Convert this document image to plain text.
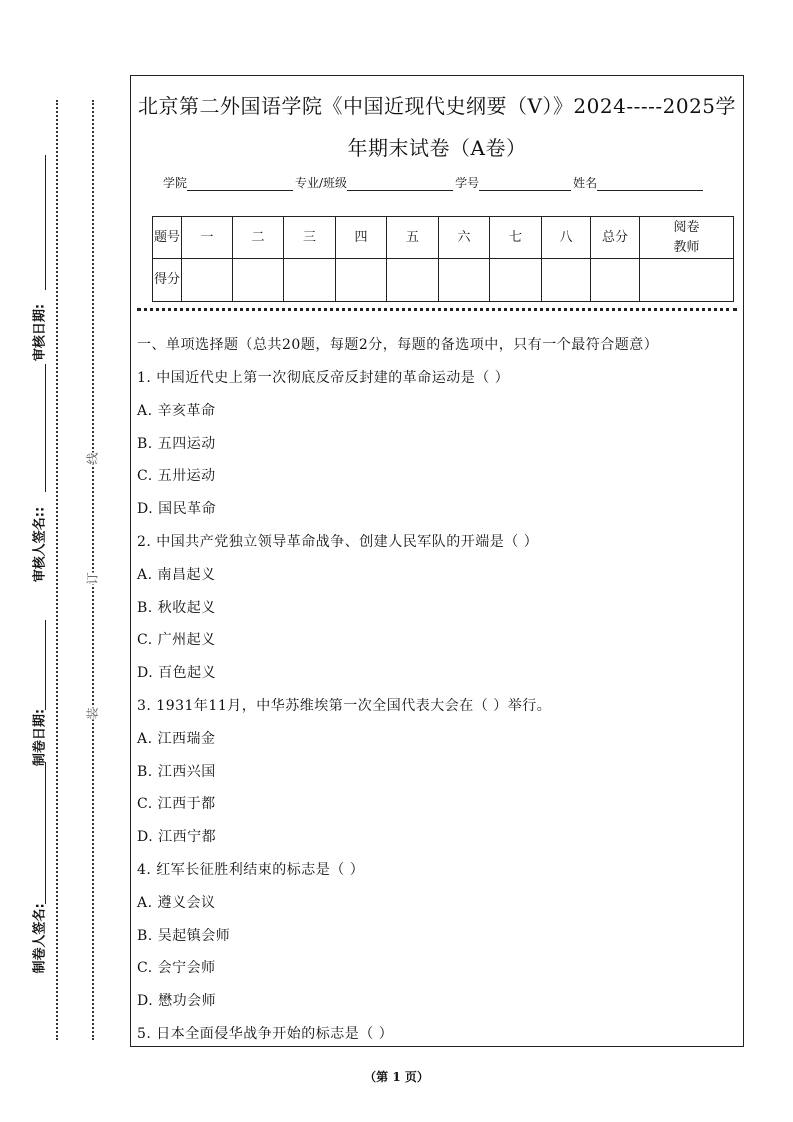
审核日期:
审核人签名::
制卷日期:
制卷人签名:
线
订
装
北京第二外国语学院《中国近现代史纲要（V）》2024-----2025学
年期末试卷（A卷）
学院	专业/班级	学号	姓名
题号	一	二	三	四	五	六	七	八	总分	阅卷教师
得分										
一、单项选择题（总共20题，每题2分，每题的备选项中，只有一个最符合题意）
1. 中国近代史上第一次彻底反帝反封建的革命运动是（ ）
A. 辛亥革命
B. 五四运动
C. 五卅运动
D. 国民革命
2. 中国共产党独立领导革命战争、创建人民军队的开端是（ ）
A. 南昌起义
B. 秋收起义
C. 广州起义
D. 百色起义
3. 1931年11月，中华苏维埃第一次全国代表大会在（ ）举行。
A. 江西瑞金
B. 江西兴国
C. 江西于都
D. 江西宁都
4. 红军长征胜利结束的标志是（ ）
A. 遵义会议
B. 吴起镇会师
C. 会宁会师
D. 懋功会师
5. 日本全面侵华战争开始的标志是（ ）
（第 1 页）
